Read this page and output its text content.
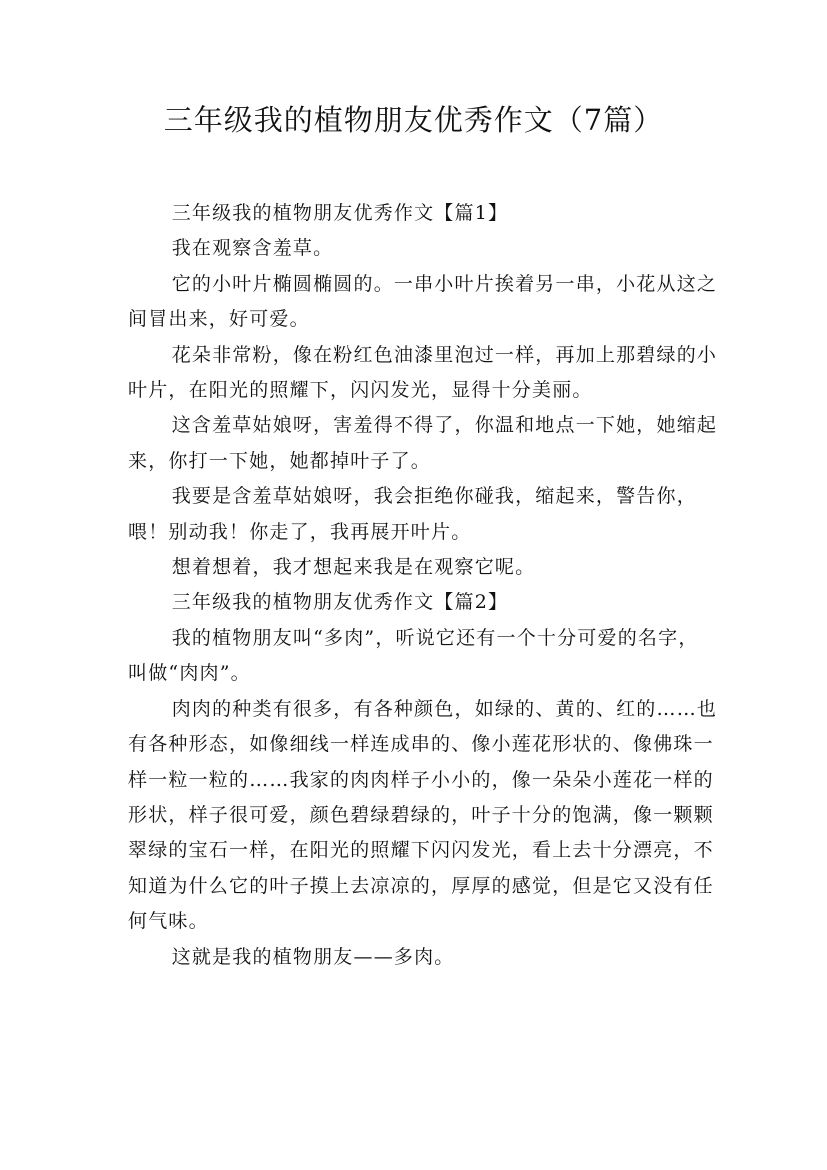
三年级我的植物朋友优秀作文（7篇）

三年级我的植物朋友优秀作文【篇1】

我在观察含羞草。

它的小叶片椭圆椭圆的。一串小叶片挨着另一串，小花从这之间冒出来，好可爱。

花朵非常粉，像在粉红色油漆里泡过一样，再加上那碧绿的小叶片，在阳光的照耀下，闪闪发光，显得十分美丽。

这含羞草姑娘呀，害羞得不得了，你温和地点一下她，她缩起来，你打一下她，她都掉叶子了。

我要是含羞草姑娘呀，我会拒绝你碰我，缩起来，警告你，喂！别动我！你走了，我再展开叶片。

想着想着，我才想起来我是在观察它呢。

三年级我的植物朋友优秀作文【篇2】

我的植物朋友叫“多肉”，听说它还有一个十分可爱的名字，叫做“肉肉”。

肉肉的种类有很多，有各种颜色，如绿的、黄的、红的……也有各种形态，如像细线一样连成串的、像小莲花形状的、像佛珠一样一粒一粒的……我家的肉肉样子小小的，像一朵朵小莲花一样的形状，样子很可爱，颜色碧绿碧绿的，叶子十分的饱满，像一颗颗翠绿的宝石一样，在阳光的照耀下闪闪发光，看上去十分漂亮，不知道为什么它的叶子摸上去凉凉的，厚厚的感觉，但是它又没有任何气味。

这就是我的植物朋友——多肉。
